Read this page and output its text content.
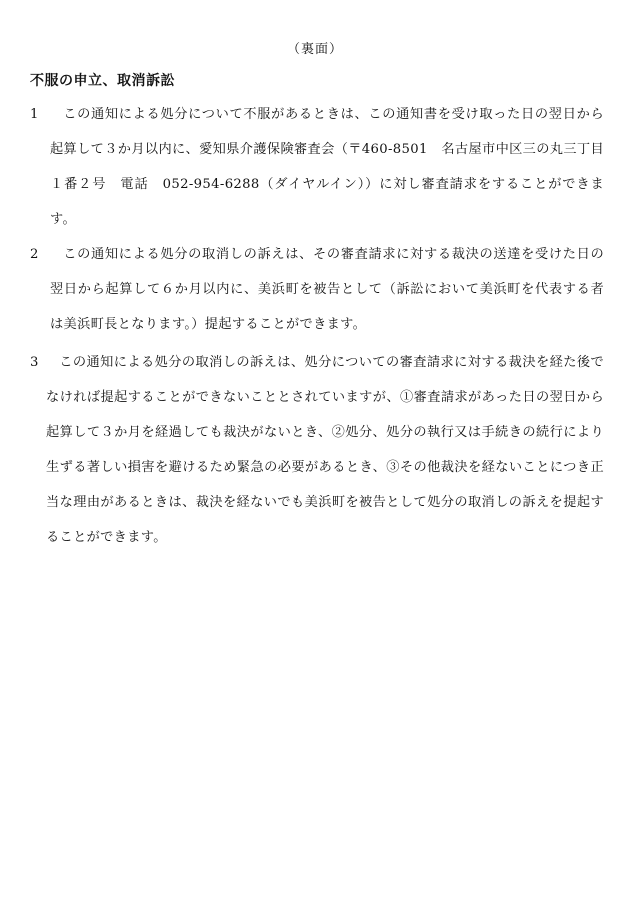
（裏面）
不服の申立、取消訴訟
1	この通知による処分について不服があるときは、この通知書を受け取った日の翌日から起算して３か月以内に、愛知県介護保険審査会（〒460-8501　名古屋市中区三の丸三丁目１番２号　電話　052-954-6288（ダイヤルイン））に対し審査請求をすることができます。

2	この通知による処分の取消しの訴えは、その審査請求に対する裁決の送達を受けた日の翌日から起算して６か月以内に、美浜町を被告として（訴訟において美浜町を代表する者は美浜町長となります。）提起することができます。

3	この通知による処分の取消しの訴えは、処分についての審査請求に対する裁決を経た後でなければ提起することができないこととされていますが、①審査請求があった日の翌日から起算して３か月を経過しても裁決がないとき、②処分、処分の執行又は手続きの続行により生ずる著しい損害を避けるため緊急の必要があるとき、③その他裁決を経ないことにつき正当な理由があるときは、裁決を経ないでも美浜町を被告として処分の取消しの訴えを提起することができます。
